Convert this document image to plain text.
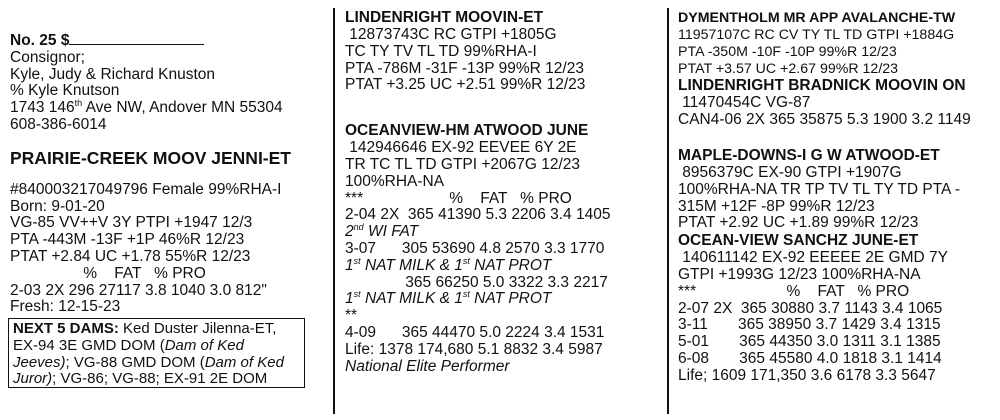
No. 25 $
Consignor;
Kyle, Judy & Richard Knuston
% Kyle Knutson
1743 146th Ave NW, Andover MN 55304
608-386-6014
PRAIRIE-CREEK MOOV JENNI-ET
#840003217049796 Female 99%RHA-I
Born: 9-01-20
VG-85 VV++V 3Y PTPI +1947 12/3
PTA -443M -13F +1P 46%R 12/23
PTAT +2.84 UC +1.78 55%R 12/23
%    FAT   % PRO
2-03 2X 296 27117 3.8 1040 3.0 812"
Fresh: 12-15-23
NEXT 5 DAMS: Ked Duster Jilenna-ET,
EX-94 3E GMD DOM (Dam of Ked
Jeeves); VG-88 GMD DOM (Dam of Ked
Juror); VG-86; VG-88; EX-91 2E DOM
LINDENRIGHT MOOVIN-ET
12873743C RC GTPI +1805G
TC TY TV TL TD 99%RHA-I
PTA -786M -31F -13P 99%R 12/23
PTAT +3.25 UC +2.51 99%R 12/23
OCEANVIEW-HM ATWOOD JUNE
142946646 EX-92 EEVEE 6Y 2E
TR TC TL TD GTPI +2067G 12/23
100%RHA-NA
***                    %    FAT   % PRO
2-04 2X  365 41390 5.3 2206 3.4 1405
2nd WI FAT
3-07      305 53690 4.8 2570 3.3 1770
1st NAT MILK & 1st NAT PROT
365 66250 5.0 3322 3.3 2217
1st NAT MILK & 1st NAT PROT
**
4-09      365 44470 5.0 2224 3.4 1531
Life: 1378 174,680 5.1 8832 3.4 5987
National Elite Performer
DYMENTHOLM MR APP AVALANCHE-TW
11957107C RC CV TY TL TD GTPI +1884G
PTA -350M -10F -10P 99%R 12/23
PTAT +3.57 UC +2.67 99%R 12/23
LINDENRIGHT BRADNICK MOOVIN ON
11470454C VG-87
CAN4-06 2X 365 35875 5.3 1900 3.2 1149
MAPLE-DOWNS-I G W ATWOOD-ET
8956379C EX-90 GTPI +1907G
100%RHA-NA TR TP TV TL TY TD PTA -
315M +12F -8P 99%R 12/23
PTAT +2.92 UC +1.89 99%R 12/23
OCEAN-VIEW SANCHZ JUNE-ET
140611142 EX-92 EEEEE 2E GMD 7Y
GTPI +1993G 12/23 100%RHA-NA
***                     %    FAT   % PRO
2-07 2X  365 30880 3.7 1143 3.4 1065
3-11       365 38950 3.7 1429 3.4 1315
5-01       365 44350 3.0 1311 3.1 1385
6-08       365 45580 4.0 1818 3.1 1414
Life; 1609 171,350 3.6 6178 3.3 5647
